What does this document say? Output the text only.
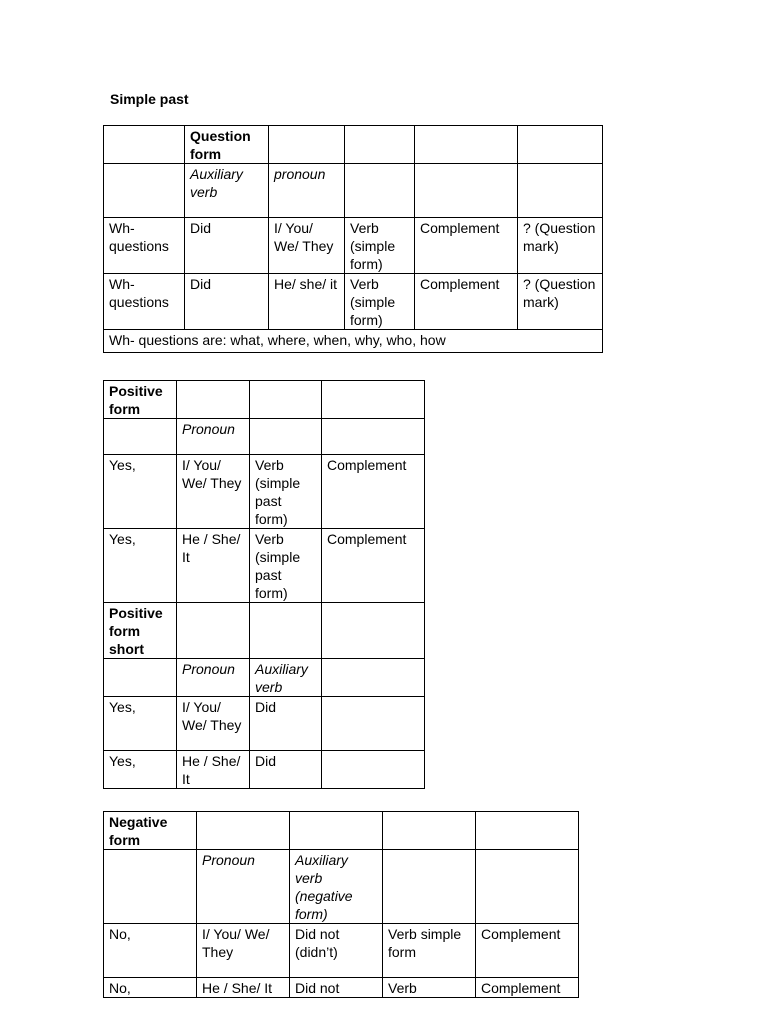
Simple past
	Question form				
	Auxiliary verb	pronoun			
Wh- questions	Did	I/ You/ We/ They	Verb (simple form)	Complement	? (Question mark)
Wh- questions	Did	He/ she/ it	Verb (simple form)	Complement	? (Question mark)
Wh- questions are: what, where, when, why, who, how					
Positive form			
	Pronoun		
Yes,	I/ You/ We/ They	Verb (simple past form)	Complement
Yes,	He / She/ It	Verb (simple past form)	Complement
Positive form short			
	Pronoun	Auxiliary verb	
Yes,	I/ You/ We/ They	Did	
Yes,	He / She/ It	Did	
Negative form				
	Pronoun	Auxiliary verb (negative form)		
No,	I/ You/ We/ They	Did not (didn’t)	Verb simple form	Complement
No,	He / She/ It	Did not	Verb	Complement
